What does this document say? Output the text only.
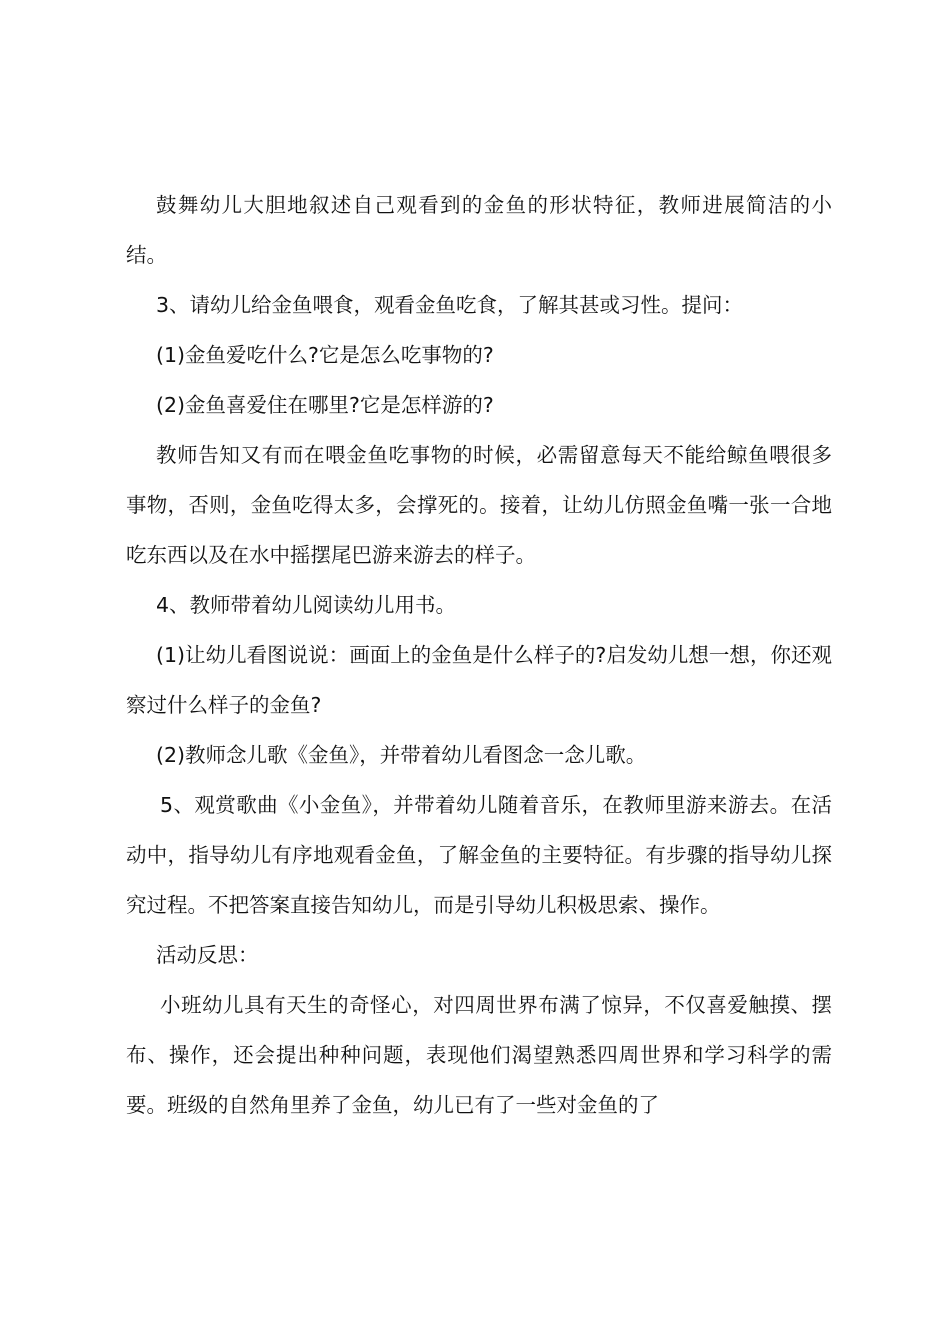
鼓舞幼儿大胆地叙述自己观看到的金鱼的形状特征，教师进展简洁的小结。

3、请幼儿给金鱼喂食，观看金鱼吃食，了解其甚或习性。提问：

(1)金鱼爱吃什么?它是怎么吃事物的?

(2)金鱼喜爱住在哪里?它是怎样游的?

教师告知又有而在喂金鱼吃事物的时候，必需留意每天不能给鲸鱼喂很多事物，否则，金鱼吃得太多，会撑死的。接着，让幼儿仿照金鱼嘴一张一合地吃东西以及在水中摇摆尾巴游来游去的样子。

4、教师带着幼儿阅读幼儿用书。

(1)让幼儿看图说说：画面上的金鱼是什么样子的?启发幼儿想一想，你还观察过什么样子的金鱼?

(2)教师念儿歌《金鱼》，并带着幼儿看图念一念儿歌。

5、观赏歌曲《小金鱼》，并带着幼儿随着音乐，在教师里游来游去。在活动中，指导幼儿有序地观看金鱼，了解金鱼的主要特征。有步骤的指导幼儿探究过程。不把答案直接告知幼儿，而是引导幼儿积极思索、操作。

活动反思：

小班幼儿具有天生的奇怪心，对四周世界布满了惊异，不仅喜爱触摸、摆布、操作，还会提出种种问题，表现他们渴望熟悉四周世界和学习科学的需要。班级的自然角里养了金鱼，幼儿已有了一些对金鱼的了
